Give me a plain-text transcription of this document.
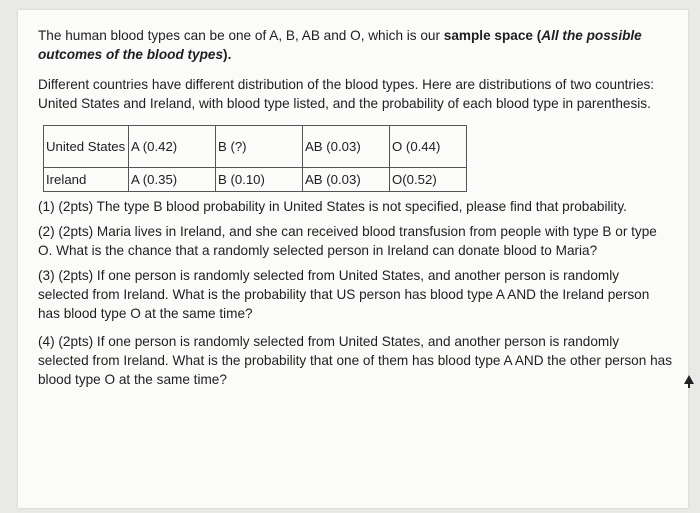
The human blood types can be one of A, B, AB and O, which is our sample space (All the possible outcomes of the blood types).

Different countries have different distribution of the blood types. Here are distributions of two countries: United States and Ireland, with blood type listed, and the probability of each blood type in parenthesis.

United States	A (0.42)	B (?)	AB (0.03)	O (0.44)
Ireland	A (0.35)	B (0.10)	AB (0.03)	O(0.52)

(1) (2pts) The type B blood probability in United States is not specified, please find that probability.

(2) (2pts) Maria lives in Ireland, and she can received blood transfusion from people with type B or type O. What is the chance that a randomly selected person in Ireland can donate blood to Maria?

(3) (2pts) If one person is randomly selected from United States, and another person is randomly selected from Ireland. What is the probability that US person has blood type A AND the Ireland person has blood type O at the same time?

(4) (2pts) If one person is randomly selected from United States, and another person is randomly selected from Ireland. What is the probability that one of them has blood type A AND the other person has blood type O at the same time?
